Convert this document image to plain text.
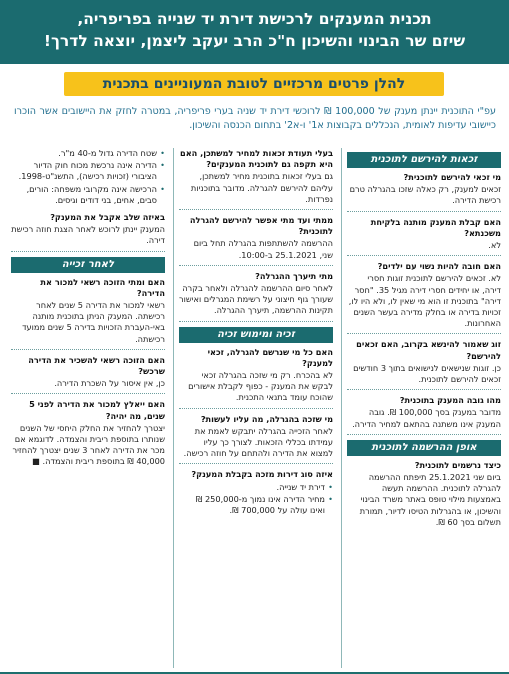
תכנית המענקים לרכישת דירת יד שנייה בפריפריה,
שיזם שר הבינוי והשיכון ח"כ הרב יעקב ליצמן, יוצאה לדרך!
להלן פרטים מרכזיים לטובת המעוניינים בתכנית
עפ"י התוכנית יינתן מענק של 100,000 ₪ לרוכשי דירת יד שניה בערי פריפריה, במטרה לחזק את היישובים אשר הוכרו כיישובי עדיפות לאומית, הנכללים בקבוצות א1' ו-א2' בתחום הכנסה והשיכון.
זכאות להירשם לתוכנית
מי זכאי להירשם לתוכנית?
זכאים למענק, רק כאלה שזכו בהגרלה טרם רכישת הדירה.
האם קבלת המענק מותנה בלקיחת משכנתא?
לא.
האם חובה להיות נשוי עם ילדים?
לא. זכאים להירשם לתוכנית זוגות חסרי דירה, או יחידים חסרי דירה מגיל 35. "חסר דירה" בתוכנית זו הוא מי שאין לו, ולא היו לו, זכויות בדירה או בחלק מדירה בעשר השנים האחרונות.
זוג שאמור להינשא בקרוב, האם זכאים להירשם?
כן. זוגות שנישאים לנישואים בתוך 3 חודשים זכאים להירשם לתוכנית.
מהו גובה המענק בתוכנית?
מדובר במענק בסך 100,000 ₪. גובה המענק אינו משתנה בהתאם למחיר הדירה.
אופן ההרשמה לתוכנית
כיצד נרשמים לתוכנית?
ביום שני 25.1.2021 תיפתח ההרשמה להגרלה לתוכנית. ההרשמה תעשה באמצעות מילוי טופס באתר משרד הבינוי והשיכון, או בהגרלות הטיסו לדיור, תמורת תשלום בסך 60 ₪.
בעלי תעודת זכאות למחיר למשתכן, האם היא תקפה גם לתוכנית המענקים?
גם בעלי זכאות בתוכנית מחיר למשתכן, עליהם להירשם להגרלה. מדובר בתוכניות נפרדות.
ממתי ועד מתי אפשר להירשם להגרלה לתוכנית?
ההרשמה להשתתפות בהגרלה תחל ביום שני, 25.1.2021 ב-10:00.
מתי תיערך ההגרלה?
לאחר סיום ההרשמה להגרלה ולאחר בקרה שעורך גוף חיצוני על רשימת המגרלים ואישור תקינות ההרשמה, תיערך ההגרלה.
זכיה ומימוש זכיה
האם כל מי שנרשם להגרלה, זכאי למענק?
לא בהכרח. רק מי שזכה בהגרלה זכאי לבקש את המענק - כפוף לקבלת אישורים שהוכח עומד בתנאי התכנית.
מי שזכה בהגרלה, מה עליו לעשות?
לאחר הזכייה בהגרלה יתבקש לאמת את עמידתו בכללי הזכאות. לצורך כך עליו למצוא את הדירה ולהתחם על חוזה רכישה.
איזה סוג דירות מזכה בקבלת המענק?
• דירת יד שנייה.
• מחיר הדירה אינו נמוך מ-250,000 ₪ ואינו עולה על 700,000 ₪.
• שטח הדירה גדול מ-40 מ"ר.
• הדירה אינה נרכשת מכוח חוק הדיור הציבורי (זכויות רכישה), התשנ"ט-1998.
• הרכישה אינה מקרובי משפחה: הורים, סבים, אחים, בני דודים וגיסים.
באיזה שלב אקבל את המענק?
המענק יינתן לרוכש לאחר הצגת חוזה רכישת דירה.
לאחר זכייה
האם ומתי הזוכה רשאי למכור את הדירה?
רשאי למכור את הדירה 5 שנים לאחר רכישתה. המענק הניתן בתוכנית מותנה באי-העברת הזכויות בדירה 5 שנים ממועד רכישתה.
האם הזוכה רשאי להשכיר את הדירה שרכש?
כן, אין איסור על השכרת הדירה.
האם ייאלץ למכור את הדירה לפני 5 שנים, מה יהיה?
יצטרך להחזיר את החלק היחסי של השנים שנותרו בתוספת ריבית והצמדה. לדוגמא אם מכר את הדירה לאחר 3 שנים יצטרך להחזיר 40,000 ₪ בתוספת ריבית והצמדה. ■
